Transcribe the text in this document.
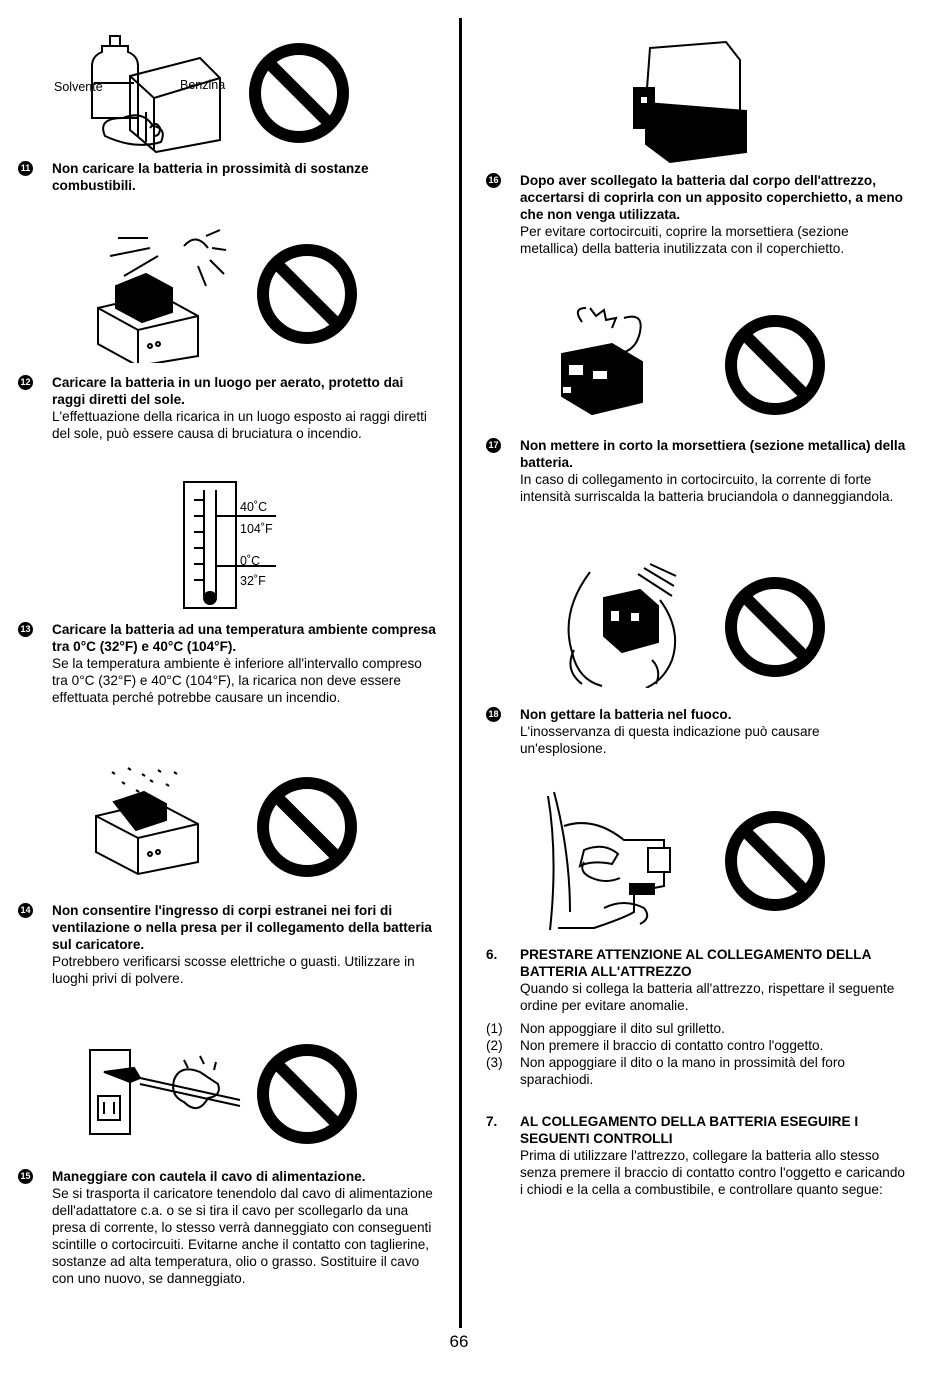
Solvente	Benzina
11 Non caricare la batteria in prossimità di sostanze combustibili.
12 Caricare la batteria in un luogo per aerato, protetto dai raggi diretti del sole.
L'effettuazione della ricarica in un luogo esposto ai raggi diretti del sole, può essere causa di bruciatura o incendio.
40˚C
104˚F
0˚C
32˚F
13 Caricare la batteria ad una temperatura ambiente compresa tra 0°C (32°F) e 40°C (104°F).
Se la temperatura ambiente è inferiore all'intervallo compreso tra 0°C (32°F) e 40°C (104°F), la ricarica non deve essere effettuata perché potrebbe causare un incendio.
14 Non consentire l'ingresso di corpi estranei nei fori di ventilazione o nella presa per il collegamento della batteria sul caricatore.
Potrebbero verificarsi scosse elettriche o guasti. Utilizzare in luoghi privi di polvere.
15 Maneggiare con cautela il cavo di alimentazione.
Se si trasporta il caricatore tenendolo dal cavo di alimentazione dell'adattatore c.a. o se si tira il cavo per scollegarlo da una presa di corrente, lo stesso verrà danneggiato con conseguenti scintille o cortocircuiti. Evitarne anche il contatto con taglierine, sostanze ad alta temperatura, olio o grasso. Sostituire il cavo con uno nuovo, se danneggiato.
16 Dopo aver scollegato la batteria dal corpo dell'attrezzo, accertarsi di coprirla con un apposito coperchietto, a meno che non venga utilizzata.
Per evitare cortocircuiti, coprire la morsettiera (sezione metallica) della batteria inutilizzata con il coperchietto.
17 Non mettere in corto la morsettiera (sezione metallica) della batteria.
In caso di collegamento in cortocircuito, la corrente di forte intensità surriscalda la batteria bruciandola o danneggiandola.
18 Non gettare la batteria nel fuoco.
L'inosservanza di questa indicazione può causare un'esplosione.
6. PRESTARE ATTENZIONE AL COLLEGAMENTO DELLA BATTERIA ALL'ATTREZZO
Quando si collega la batteria all'attrezzo, rispettare il seguente ordine per evitare anomalie.
(1) Non appoggiare il dito sul grilletto.
(2) Non premere il braccio di contatto contro l'oggetto.
(3) Non appoggiare il dito o la mano in prossimità del foro sparachiodi.
7. AL COLLEGAMENTO DELLA BATTERIA ESEGUIRE I SEGUENTI CONTROLLI
Prima di utilizzare l'attrezzo, collegare la batteria allo stesso senza premere il braccio di contatto contro l'oggetto e caricando i chiodi e la cella a combustibile, e controllare quanto segue:
66
